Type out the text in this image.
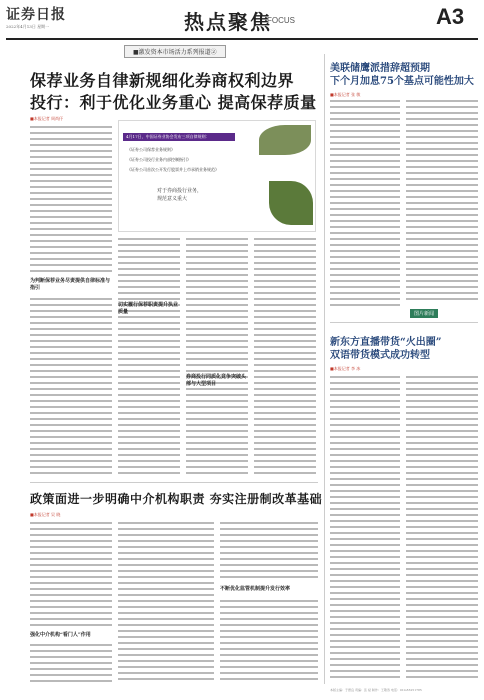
证券日报
2022年4月13日 星期一	热点聚焦
FOCUS	A3
■激发资本市场活力系列报道②
保荐业务自律新规细化券商权利边界
投行：利于优化业务重心 提高保荐质量
■本报记者 周尚伃
为判断保荐业务尽责提供自律标准与指引
4月17日，中国证券业协会发布三项自律规则：
《证券公司保荐业务规则》
《证券公司投行业务内部控制指引》
《证券公司首次公开发行股票并上市承销业务规范》
对于券商投行业务，
规范意义重大
切实履行保荐职责提升执业质量
券商投行同质化竞争突破头部与大型项目
美联储鹰派措辞超预期
下个月加息75个基点可能性加大
■本报记者 张 敏
图片新闻
新东方直播带货“火出圈”
双语带货模式成功转型
■本报记者 李 冰
政策面进一步明确中介机构职责 夯实注册制改革基础
■本报记者 吴 晓
强化中介机构“看门人”作用
不断优化监管机制提升发行效率
本版主编：于德良 责编：张 斌 制作：王敬涛 电话：010-83251785
